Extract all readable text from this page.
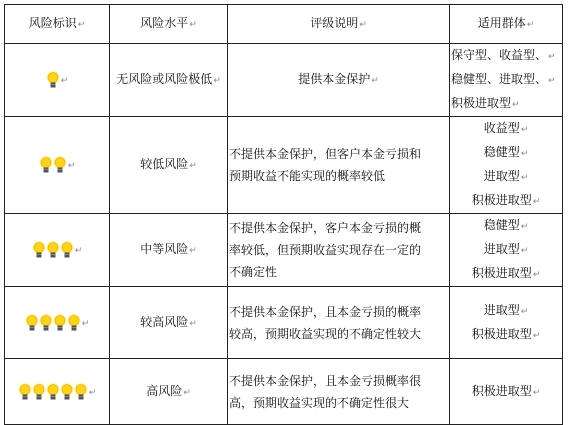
风险标识↵	风险水平↵	评级说明↵	适用群体↵
↵	无风险或风险极低↵	提供本金保护↵	保守型、收益型、↵
稳健型、进取型、↵
积极进取型↵

↵	较低风险↵	不提供本金保护，但客户本金亏损和
预期收益不能实现的概率较低	收益型↵
稳健型↵
进取型↵
积极进取型↵

↵	中等风险↵	不提供本金保护，客户本金亏损的概
率较低，但预期收益实现存在一定的
不确定性	稳健型↵
进取型↵
积极进取型↵

↵	较高风险↵	不提供本金保护，且本金亏损的概率
较高，预期收益实现的不确定性较大	进取型↵
积极进取型↵

↵	高风险↵	不提供本金保护，且本金亏损概率很
高，预期收益实现的不确定性很大	积极进取型↵
